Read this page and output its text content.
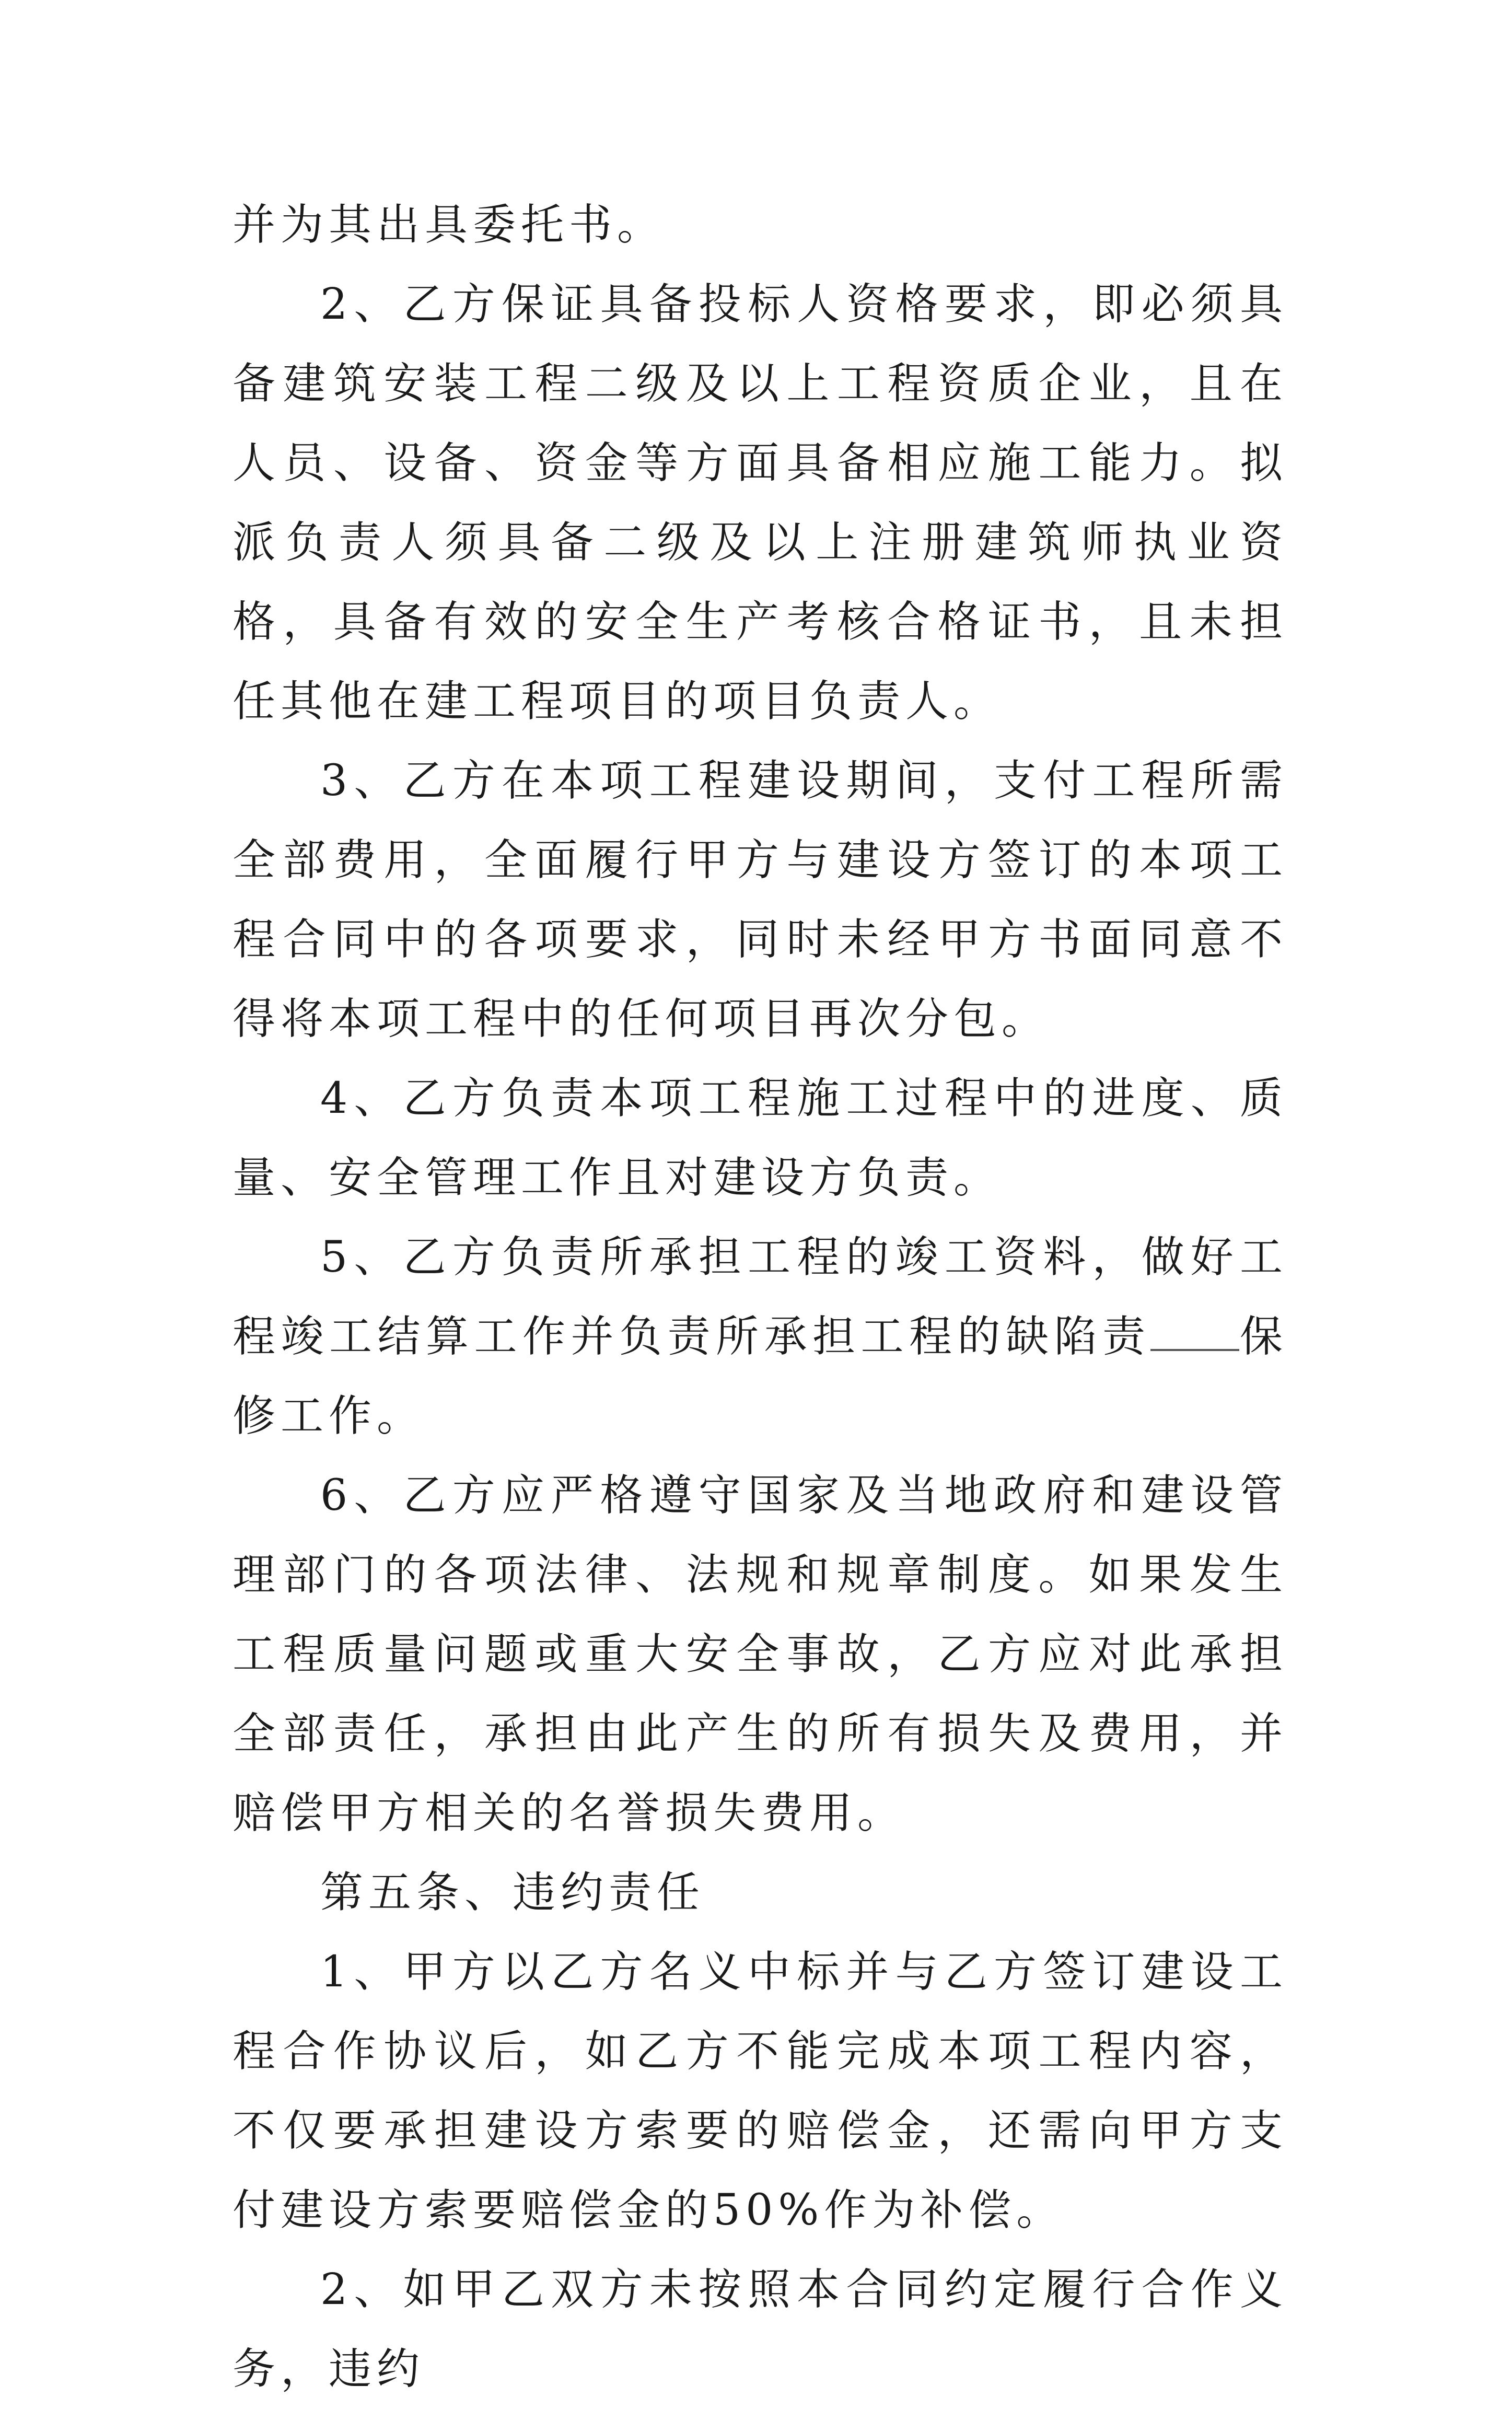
并为其出具委托书。

2、乙方保证具备投标人资格要求，即必须具备建筑安装工程二级及以上工程资质企业，且在人员、设备、资金等方面具备相应施工能力。拟派负责人须具备二级及以上注册建筑师执业资格，具备有效的安全生产考核合格证书，且未担任其他在建工程项目的项目负责人。

3、乙方在本项工程建设期间，支付工程所需全部费用，全面履行甲方与建设方签订的本项工程合同中的各项要求，同时未经甲方书面同意不得将本项工程中的任何项目再次分包。

4、乙方负责本项工程施工过程中的进度、质量、安全管理工作且对建设方负责。

5、乙方负责所承担工程的竣工资料，做好工程竣工结算工作并负责所承担工程的缺陷责 保修工作。

6、乙方应严格遵守国家及当地政府和建设管理部门的各项法律、法规和规章制度。如果发生工程质量问题或重大安全事故，乙方应对此承担全部责任，承担由此产生的所有损失及费用，并赔偿甲方相关的名誉损失费用。

第五条、违约责任

1、甲方以乙方名义中标并与乙方签订建设工程合作协议后，如乙方不能完成本项工程内容，不仅要承担建设方索要的赔偿金，还需向甲方支付建设方索要赔偿金的50%作为补偿。

2、如甲乙双方未按照本合同约定履行合作义务，违约
